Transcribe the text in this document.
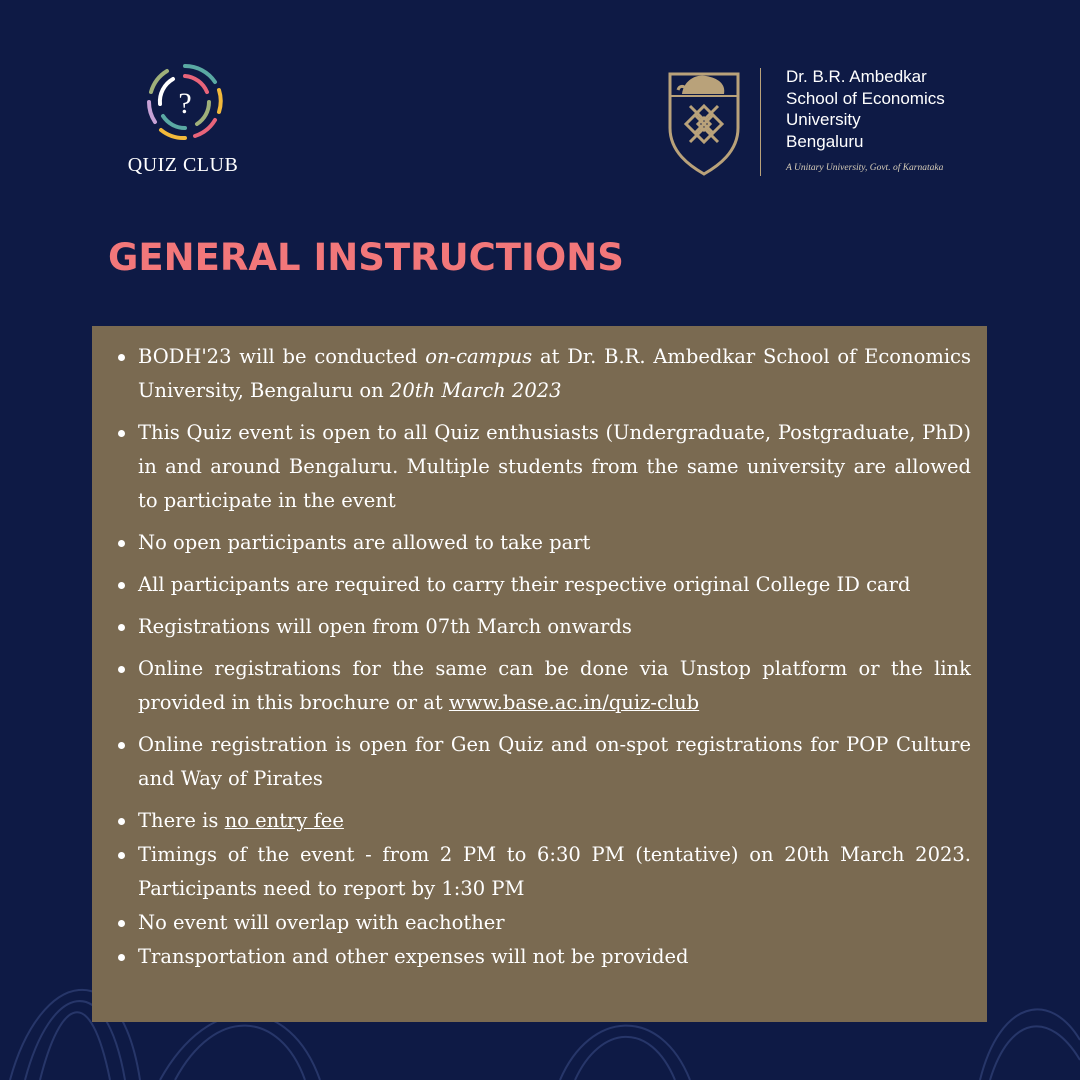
?
QUIZ CLUB
Dr. B.R. Ambedkar
School of Economics
University
Bengaluru
A Unitary University, Govt. of Karnataka
GENERAL INSTRUCTIONS
BODH'23 will be conducted on-campus at Dr. B.R. Ambedkar School of Economics University, Bengaluru on 20th March 2023
This Quiz event is open to all Quiz enthusiasts (Undergraduate, Postgraduate, PhD) in and around Bengaluru. Multiple students from the same university are allowed to participate in the event
No open participants are allowed to take part
All participants are required to carry their respective original College ID card
Registrations will open from 07th March onwards
Online registrations for the same can be done via Unstop platform or the link provided in this brochure or at www.base.ac.in/quiz-club
Online registration is open for Gen Quiz and on-spot registrations for POP Culture and Way of Pirates
There is no entry fee
Timings of the event - from 2 PM to 6:30 PM (tentative) on 20th March 2023. Participants need to report by 1:30 PM
No event will overlap with eachother
Transportation and other expenses will not be provided
